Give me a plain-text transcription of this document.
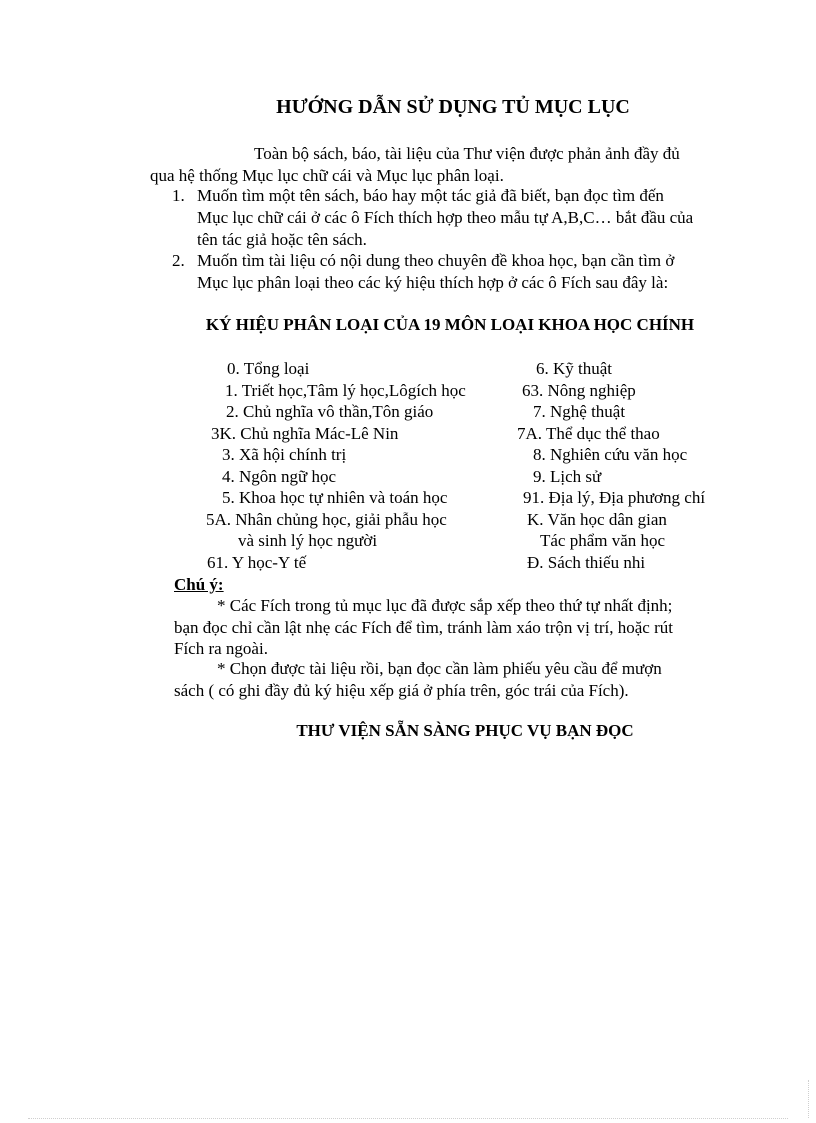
HƯỚNG DẪN SỬ DỤNG TỦ MỤC LỤC
Toàn bộ sách, báo, tài liệu của Thư viện được phản ảnh đầy đủ
qua hệ thống Mục lục chữ cái và Mục lục phân loại.
1. Muốn tìm một tên sách, báo hay một tác giả đã biết, bạn đọc tìm đến
Mục lục chữ cái ở các ô Fích thích hợp theo mẫu tự A,B,C… bắt đầu của
tên tác giả hoặc tên sách.
2. Muốn tìm tài liệu có nội dung theo chuyên đề khoa học, bạn cần tìm ở
Mục lục phân loại theo các ký hiệu thích hợp ở các ô Fích sau đây là:
KÝ HIỆU PHÂN LOẠI CỦA 19 MÔN LOẠI KHOA HỌC CHÍNH
0. Tổng loại
1. Triết học,Tâm lý học,Lôgích học
2. Chủ nghĩa vô thần,Tôn giáo
3K. Chủ nghĩa Mác-Lê Nin
3. Xã hội chính trị
4. Ngôn ngữ học
5. Khoa học tự nhiên và toán học
5A. Nhân chủng học, giải phẫu học
và sinh lý học người
61. Y học-Y tế
6. Kỹ thuật
63. Nông nghiệp
7. Nghệ thuật
7A. Thể dục thể thao
8. Nghiên cứu văn học
9. Lịch sử
91. Địa lý, Địa phương chí
K. Văn học dân gian
Tác phẩm văn học
Đ. Sách thiếu nhi
Chú ý:
* Các Fích trong tủ mục lục đã được sắp xếp theo thứ tự nhất định;
bạn đọc chỉ cần lật nhẹ các Fích để tìm, tránh làm xáo trộn vị trí, hoặc rút
Fích ra ngoài.
* Chọn được tài liệu rồi, bạn đọc cần làm phiếu yêu cầu để mượn
sách ( có ghi đầy đủ ký hiệu xếp giá ở phía trên, góc trái của Fích).
THƯ VIỆN SẴN SÀNG PHỤC VỤ BẠN ĐỌC
